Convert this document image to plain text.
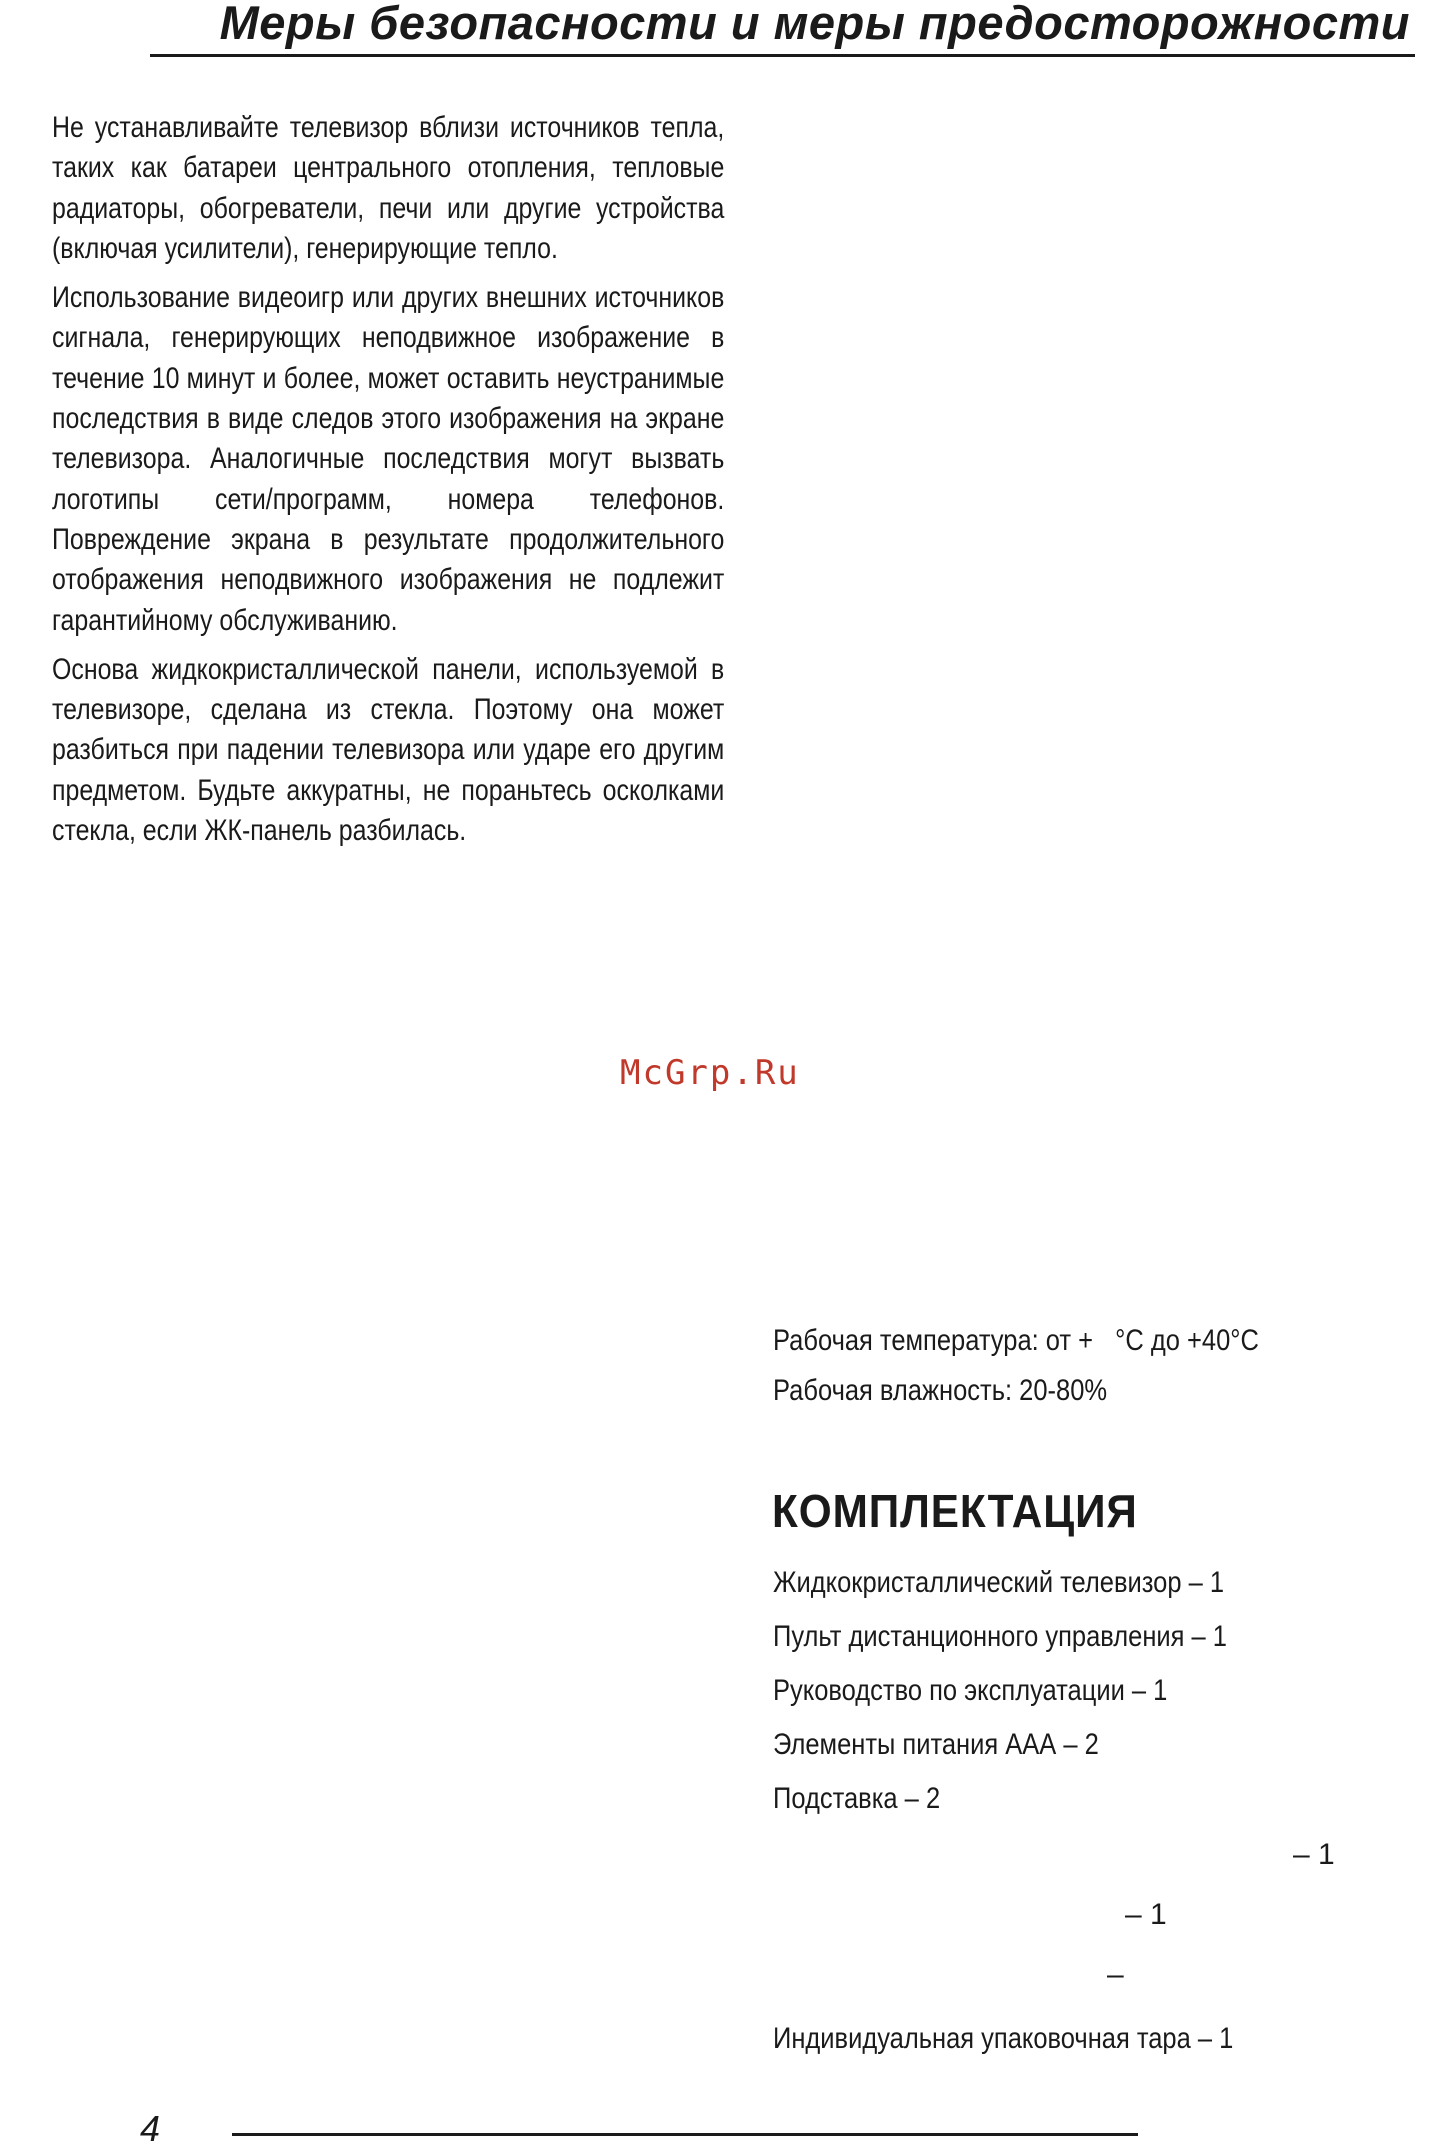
Меры безопасности и меры предосторожности

Не устанавливайте телевизор вблизи источников тепла, таких как батареи центрального отопления, тепловые радиаторы, обогреватели, печи или другие устройства (включая усилители), генерирующие тепло.

Использование видеоигр или других внешних источников сигнала, генерирующих неподвижное изображение в течение 10 минут и более, может оставить неустранимые последствия в виде следов этого изображения на экране телевизора. Аналогичные последствия могут вызвать логотипы сети/программ, номера телефонов. Повреждение экрана в результате продолжительного отображения неподвижного изображения не подлежит гарантийному обслуживанию.

Основа жидкокристаллической панели, используемой в телевизоре, сделана из стекла. Поэтому она может разбиться при падении телевизора или ударе его другим предметом. Будьте аккуратны, не пораньтесь осколками стекла, если ЖК-панель разбилась.

McGrp.Ru
Рабочая температура: от + °С до +40°С
Рабочая влажность: 20-80%
КОМПЛЕКТАЦИЯ
Жидкокристаллический телевизор – 1
Пульт дистанционного управления – 1
Руководство по эксплуатации – 1
Элементы питания ААА – 2
Подставка – 2
– 1
– 1
–
Индивидуальная упаковочная тара – 1
4
